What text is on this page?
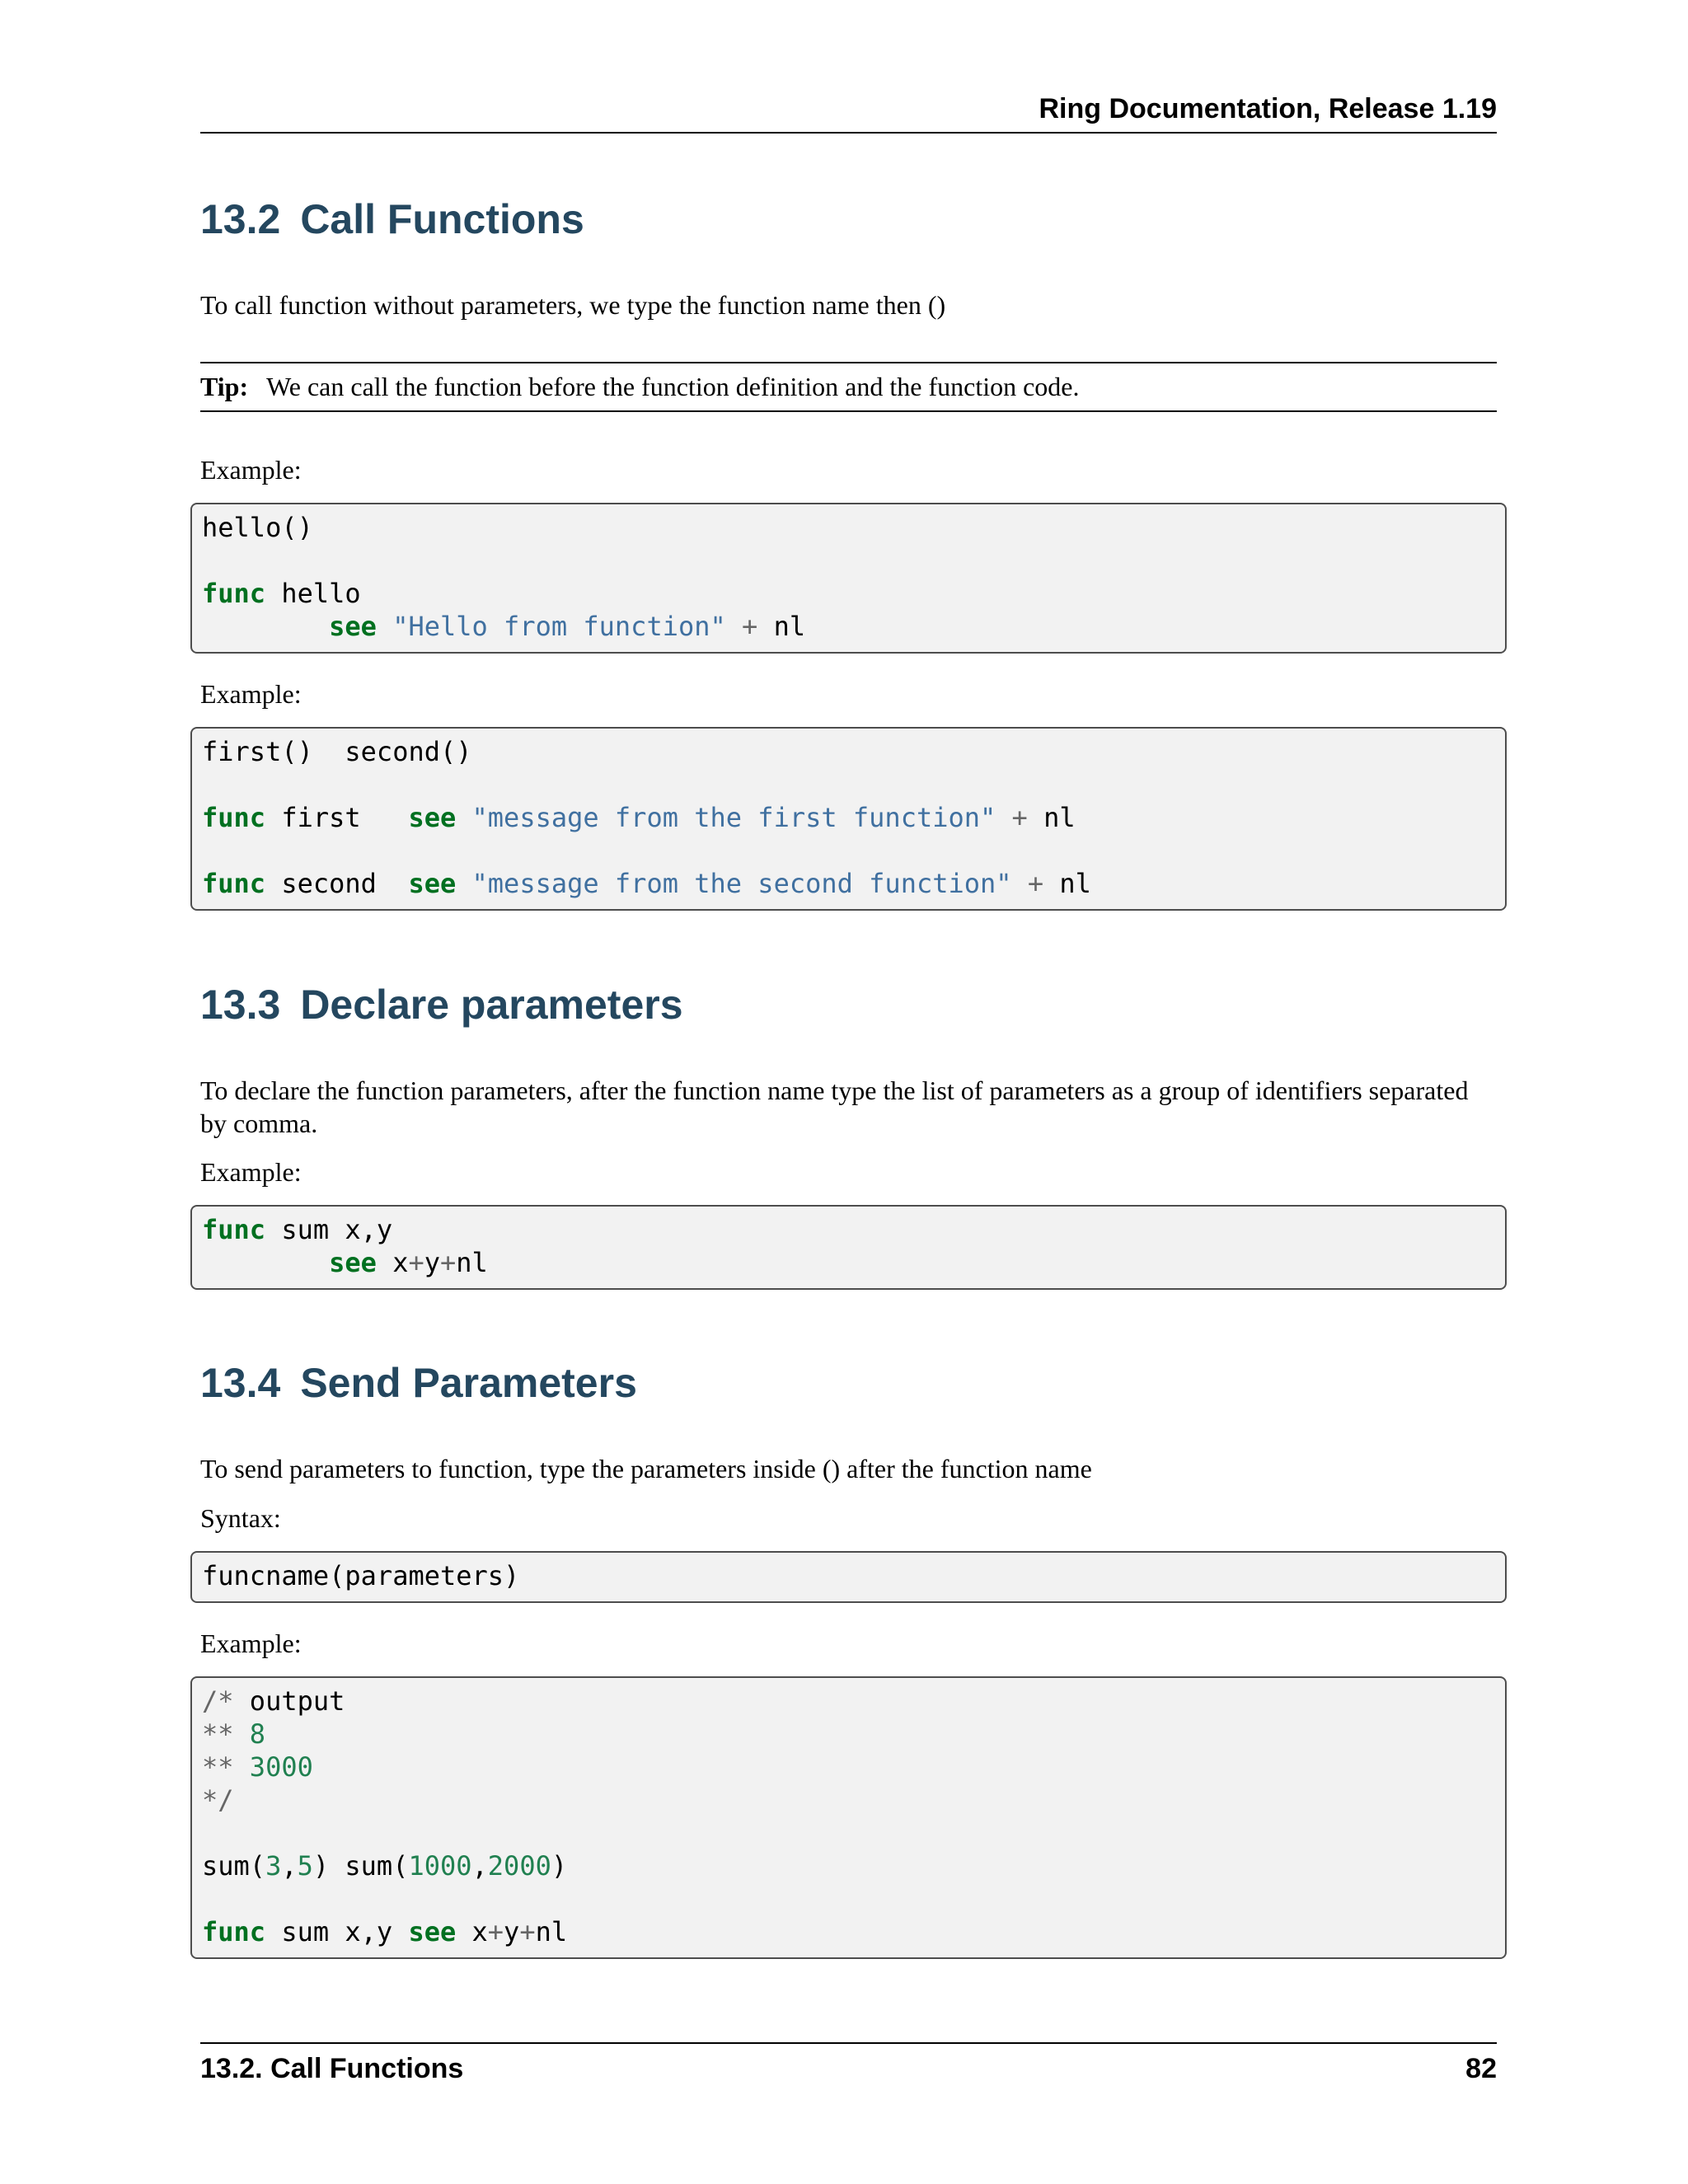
Ring Documentation, Release 1.19
13.2 Call Functions

To call function without parameters, we type the function name then ()

Tip: We can call the function before the function definition and the function code.

Example:

hello()
func hello
see "Hello from function" + nl

Example:

first()  second()
func first   see "message from the first function" + nl
func second  see "message from the second function" + nl
13.3 Declare parameters

To declare the function parameters, after the function name type the list of parameters as a group of identifiers separated by comma.

Example:

func sum x,y
see x+y+nl
13.4 Send Parameters

To send parameters to function, type the parameters inside () after the function name

Syntax:

funcname(parameters)

Example:

/* output
** 8
** 3000
*/
sum(3,5) sum(1000,2000)
func sum x,y see x+y+nl
13.2. Call Functions	82
